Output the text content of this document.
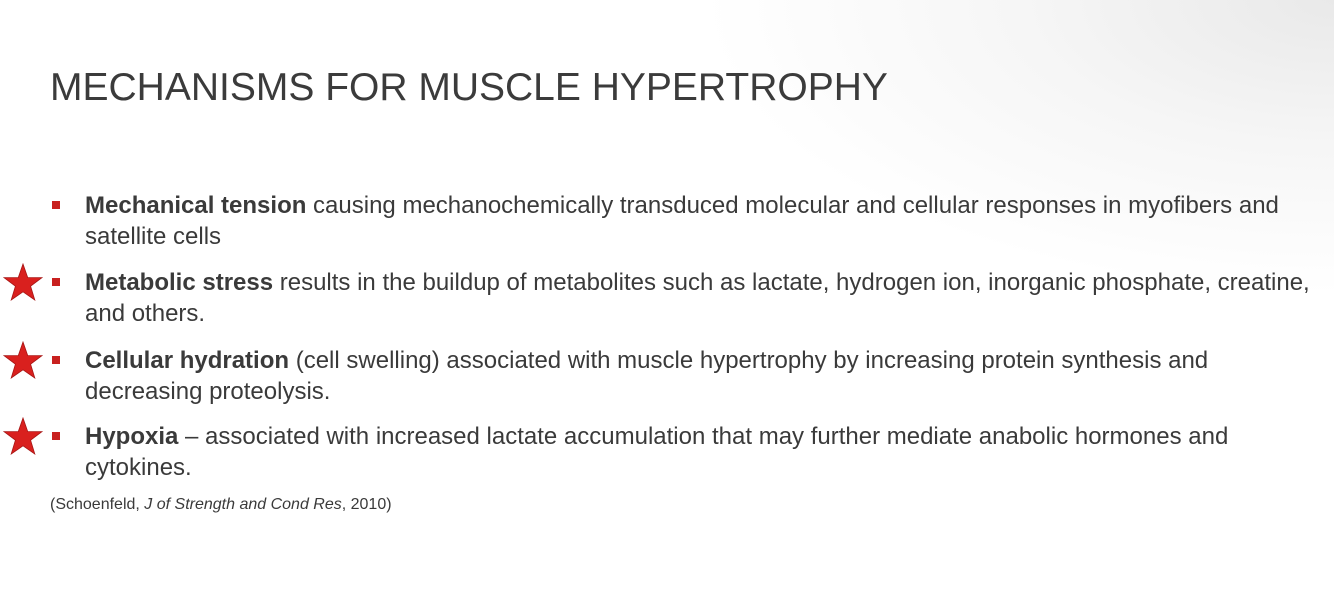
MECHANISMS FOR MUSCLE HYPERTROPHY
Mechanical tension causing mechanochemically transduced molecular and cellular responses in myofibers and satellite cells
Metabolic stress results in the buildup of metabolites such as lactate, hydrogen ion, inorganic phosphate, creatine, and others.
Cellular hydration (cell swelling) associated with muscle hypertrophy by increasing protein synthesis and decreasing proteolysis.
Hypoxia – associated with increased lactate accumulation that may further mediate anabolic hormones and cytokines.
(Schoenfeld, J of Strength and Cond Res, 2010)
